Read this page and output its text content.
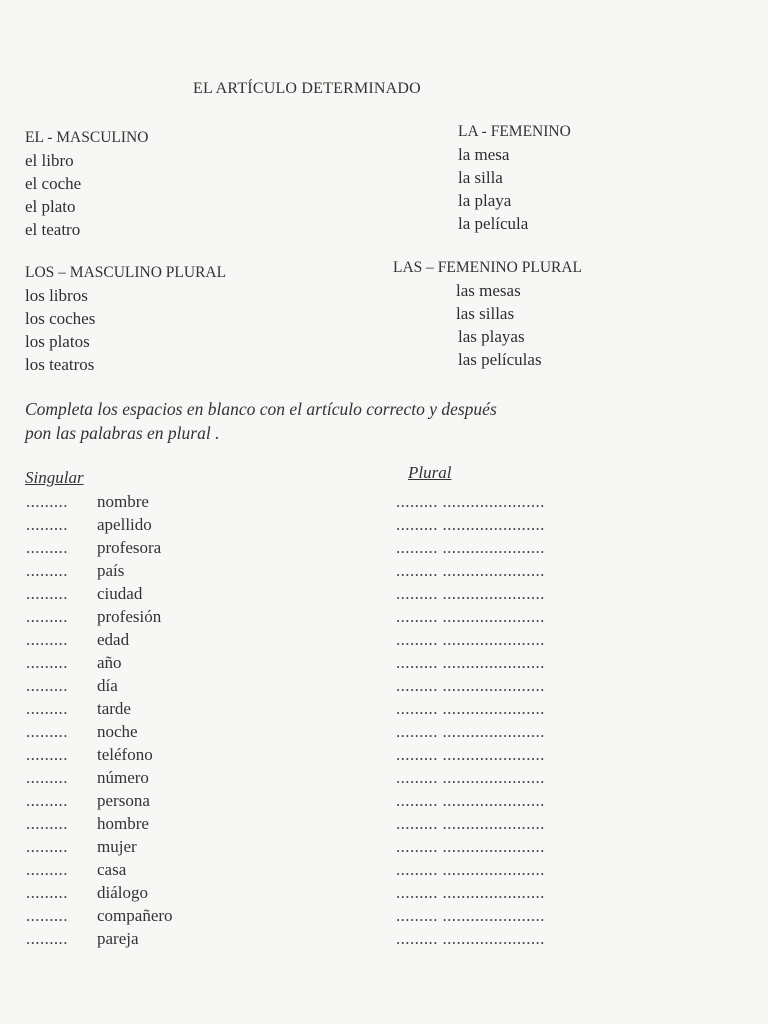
EL ARTÍCULO DETERMINADO
EL - MASCULINO
el libro
el coche
el plato
el teatro
LA - FEMENINO
la mesa
la silla
la playa
la película
LOS – MASCULINO PLURAL
los libros
los coches
los platos
los teatros
LAS – FEMENINO PLURAL
las mesas
las sillas
las playas
las películas
Completa los espacios en blanco con el artículo correcto y después
pon las palabras en plural .
Singular	Plural
......... nombre	......... ......................
......... apellido	......... ......................
......... profesora	......... ......................
......... país	......... ......................
......... ciudad	......... ......................
......... profesión	......... ......................
......... edad	......... ......................
......... año	......... ......................
......... día	......... ......................
......... tarde	......... ......................
......... noche	......... ......................
......... teléfono	......... ......................
......... número	......... ......................
......... persona	......... ......................
......... hombre	......... ......................
......... mujer	......... ......................
......... casa	......... ......................
......... diálogo	......... ......................
......... compañero	......... ......................
......... pareja	......... ......................
